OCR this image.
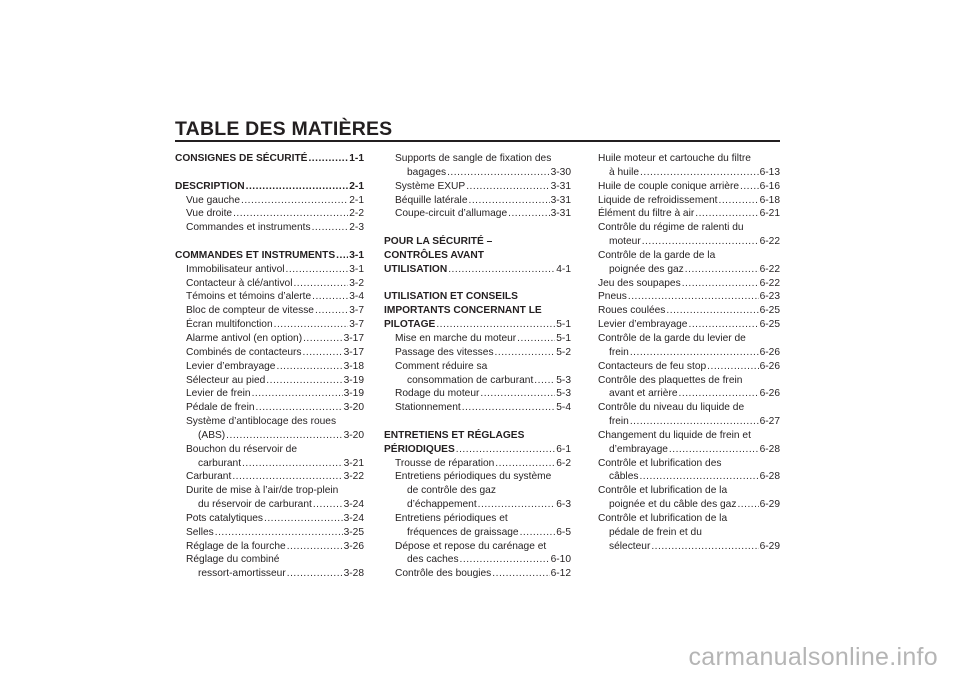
TABLE DES MATIÈRES
CONSIGNES DE SÉCURITÉ .....	1-1
DESCRIPTION .....	2-1
Vue gauche .....	2-1
Vue droite .....	2-2
Commandes et instruments .....	2-3
COMMANDES ET INSTRUMENTS ..... 3-1
Immobilisateur antivol .....	3-1
Contacteur à clé/antivol .....	3-2
Témoins et témoins d’alerte .....	3-4
Bloc de compteur de vitesse .....	3-7
Écran multifonction .....	3-7
Alarme antivol (en option) .....	3-17
Combinés de contacteurs .....	3-17
Levier d’embrayage .....	3-18
Sélecteur au pied .....	3-19
Levier de frein .....	3-19
Pédale de frein .....	3-20
Système d’antiblocage des roues
(ABS) .....	3-20
Bouchon du réservoir de
carburant .....	3-21
Carburant .....	3-22
Durite de mise à l’air/de trop-plein
du réservoir de carburant .....	3-24
Pots catalytiques .....	3-24
Selles .....	3-25
Réglage de la fourche .....	3-26
Réglage du combiné
ressort-amortisseur .....	3-28
Supports de sangle de fixation des
bagages .....	3-30
Système EXUP .....	3-31
Béquille latérale .....	3-31
Coupe-circuit d’allumage .....	3-31
POUR LA SÉCURITÉ –
CONTRÔLES AVANT
UTILISATION .....	4-1
UTILISATION ET CONSEILS
IMPORTANTS CONCERNANT LE
PILOTAGE .....	5-1
Mise en marche du moteur .....	5-1
Passage des vitesses .....	5-2
Comment réduire sa
consommation de carburant ..... 5-3
Rodage du moteur .....	5-3
Stationnement .....	5-4
ENTRETIENS ET RÉGLAGES
PÉRIODIQUES .....	6-1
Trousse de réparation .....	6-2
Entretiens périodiques du système
de contrôle des gaz
d’échappement .....	6-3
Entretiens périodiques et
fréquences de graissage .....	6-5
Dépose et repose du carénage et
des caches .....	6-10
Contrôle des bougies .....	6-12
Huile moteur et cartouche du filtre
à huile .....	6-13
Huile de couple conique arrière ..... 6-16
Liquide de refroidissement .....	6-18
Élément du filtre à air .....	6-21
Contrôle du régime de ralenti du
moteur .....	6-22
Contrôle de la garde de la
poignée des gaz .....	6-22
Jeu des soupapes .....	6-22
Pneus .....	6-23
Roues coulées .....	6-25
Levier d’embrayage .....	6-25
Contrôle de la garde du levier de
frein .....	6-26
Contacteurs de feu stop .....	6-26
Contrôle des plaquettes de frein
avant et arrière .....	6-26
Contrôle du niveau du liquide de
frein .....	6-27
Changement du liquide de frein et
d’embrayage .....	6-28
Contrôle et lubrification des
câbles .....	6-28
Contrôle et lubrification de la
poignée et du câble des gaz ..... 6-29
Contrôle et lubrification de la
pédale de frein et du
sélecteur .....	6-29
carmanualsonline.info
